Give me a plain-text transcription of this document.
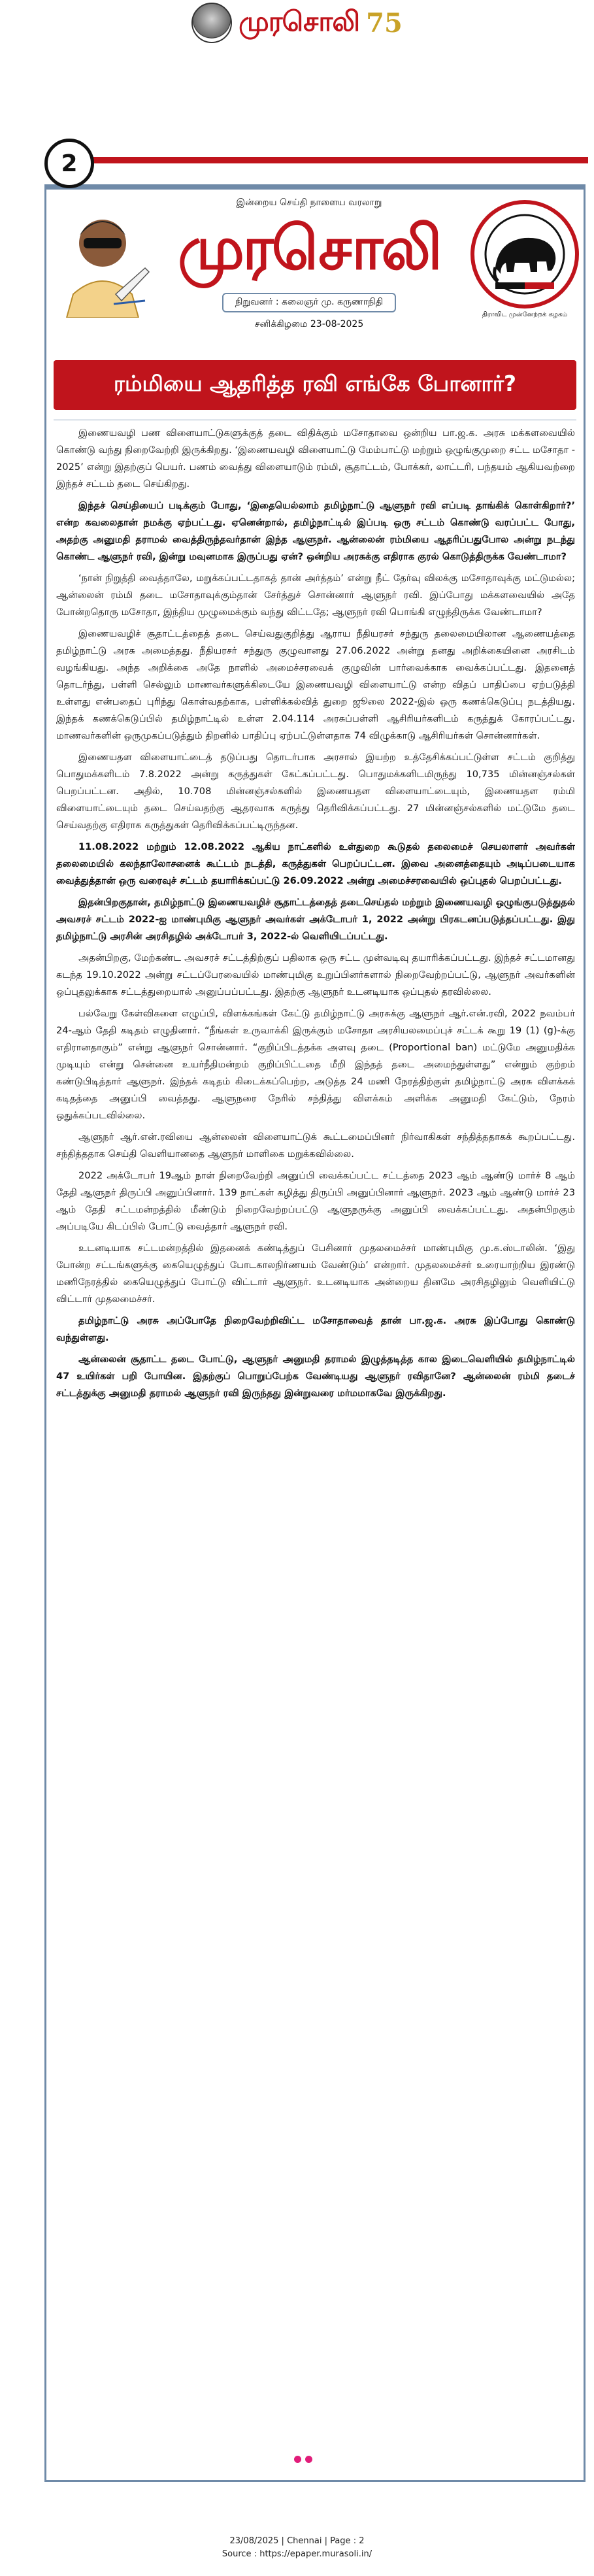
முரசொலி 75
2
இன்றைய செய்தி நாளைய வரலாறு
முரசொலி
நிறுவனர் : கலைஞர் மு. கருணாநிதி
சனிக்கிழமை 23-08-2025
திராவிட முன்னேற்றக் கழகம்
ரம்மியை ஆதரித்த ரவி எங்கே போனார்?

இணையவழி பண விளையாட்டுகளுக்குத் தடை விதிக்கும் மசோதாவை ஒன்றிய பா.ஜ.க. அரசு மக்களவையில் கொண்டு வந்து நிறைவேற்றி இருக்கிறது. ‘இணையவழி விளையாட்டு மேம்பாட்டு மற்றும் ஒழுங்குமுறை சட்ட மசோதா - 2025’ என்று இதற்குப் பெயர். பணம் வைத்து விளையாடும் ரம்மி, சூதாட்டம், போக்கர், லாட்டரி, பந்தயம் ஆகியவற்றை இந்தச் சட்டம் தடை செய்கிறது.

இந்தச் செய்தியைப் படிக்கும் போது, ‘இதையெல்லாம் தமிழ்நாட்டு ஆளுநர் ரவி எப்படி தாங்கிக் கொள்கிறார்?’ என்ற கவலைதான் நமக்கு ஏற்பட்டது. ஏனென்றால், தமிழ்நாட்டில் இப்படி ஒரு சட்டம் கொண்டு வரப்பட்ட போது, அதற்கு அனுமதி தராமல் வைத்திருந்தவர்தான் இந்த ஆளுநர். ஆன்லைன் ரம்மியை ஆதரிப்பதுபோல அன்று நடந்து கொண்ட ஆளுநர் ரவி, இன்று மவுனமாக இருப்பது ஏன்? ஒன்றிய அரசுக்கு எதிராக குரல் கொடுத்திருக்க வேண்டாமா?

‘நான் நிறுத்தி வைத்தாலே, மறுக்கப்பட்டதாகத் தான் அர்த்தம்’ என்று நீட் தேர்வு விலக்கு மசோதாவுக்கு மட்டுமல்ல; ஆன்லைன் ரம்மி தடை மசோதாவுக்கும்தான் சேர்த்துச் சொன்னார் ஆளுநர் ரவி. இப்போது மக்களவையில் அதே போன்றதொரு மசோதா, இந்திய முழுமைக்கும் வந்து விட்டதே; ஆளுநர் ரவி பொங்கி எழுந்திருக்க வேண்டாமா?

இணையவழிச் சூதாட்டத்தைத் தடை செய்வதுகுறித்து ஆராய நீதியரசர் சந்துரு தலைமையிலான ஆணையத்தை தமிழ்நாட்டு அரசு அமைத்தது. நீதியரசர் சந்துரு குழுவானது 27.06.2022 அன்று தனது அறிக்கையினை அரசிடம் வழங்கியது. அந்த அறிக்கை அதே நாளில் அமைச்சரவைக் குழுவின் பார்வைக்காக வைக்கப்பட்டது. இதனைத் தொடர்ந்து, பள்ளி செல்லும் மாணவர்களுக்கிடையே இணையவழி விளையாட்டு என்ற விதப் பாதிப்பை ஏற்படுத்தி உள்ளது என்பதைப் புரிந்து கொள்வதற்காக, பள்ளிக்கல்வித் துறை ஜூலை 2022-இல் ஒரு கணக்கெடுப்பு நடத்தியது. இந்தக் கணக்கெடுப்பில் தமிழ்நாட்டில் உள்ள 2.04.114 அரசுப்பள்ளி ஆசிரியர்களிடம் கருத்துக் கோரப்பட்டது. மாணவர்களின் ஒருமுகப்படுத்தும் திறனில் பாதிப்பு ஏற்பட்டுள்ளதாக 74 விழுக்காடு ஆசிரியர்கள் சொன்னார்கள்.

இணையதள விளையாட்டைத் தடுப்பது தொடர்பாக அரசால் இயற்ற உத்தேசிக்கப்பட்டுள்ள சட்டம் குறித்து பொதுமக்களிடம் 7.8.2022 அன்று கருத்துகள் கேட்கப்பட்டது. பொதுமக்களிடமிருந்து 10,735 மின்னஞ்சல்கள் பெறப்பட்டன. அதில், 10.708 மின்னஞ்சல்களில் இணையதள விளையாட்டையும், இணையதள ரம்மி விளையாட்டையும் தடை செய்வதற்கு ஆதரவாக கருத்து தெரிவிக்கப்பட்டது. 27 மின்னஞ்சல்களில் மட்டுமே தடை செய்வதற்கு எதிராக கருத்துகள் தெரிவிக்கப்பட்டிருந்தன.

11.08.2022 மற்றும் 12.08.2022 ஆகிய நாட்களில் உள்துறை கூடுதல் தலைமைச் செயலாளர் அவர்கள் தலைமையில் கலந்தாலோசனைக் கூட்டம் நடத்தி, கருத்துகள் பெறப்பட்டன. இவை அனைத்தையும் அடிப்படையாக வைத்துத்தான் ஒரு வரைவுச் சட்டம் தயாரிக்கப்பட்டு 26.09.2022 அன்று அமைச்சரவையில் ஒப்புதல் பெறப்பட்டது.

இதன்பிறகுதான், தமிழ்நாட்டு இணையவழிச் சூதாட்டத்தைத் தடைசெய்தல் மற்றும் இணையவழி ஒழுங்குபடுத்துதல் அவசரச் சட்டம் 2022-ஐ மாண்புமிகு ஆளுநர் அவர்கள் அக்டோபர் 1, 2022 அன்று பிரகடனப்படுத்தப்பட்டது. இது தமிழ்நாட்டு அரசின் அரசிதழில் அக்டோபர் 3, 2022-ல் வெளியிடப்பட்டது.

அதன்பிறகு, மேற்கண்ட அவசரச் சட்டத்திற்குப் பதிலாக ஒரு சட்ட முன்வடிவு தயாரிக்கப்பட்டது. இந்தச் சட்டமானது கடந்த 19.10.2022 அன்று சட்டப்பேரவையில் மாண்புமிகு உறுப்பினர்களால் நிறைவேற்றப்பட்டு, ஆளுநர் அவர்களின் ஒப்புதலுக்காக சட்டத்துறையால் அனுப்பப்பட்டது. இதற்கு ஆளுநர் உடனடியாக ஒப்புதல் தரவில்லை.

பல்வேறு கேள்விகளை எழுப்பி, விளக்கங்கள் கேட்டு தமிழ்நாட்டு அரசுக்கு ஆளுநர் ஆர்.என்.ரவி, 2022 நவம்பர் 24-ஆம் தேதி கடிதம் எழுதினார். “நீங்கள் உருவாக்கி இருக்கும் மசோதா அரசியலமைப்புச் சட்டக் கூறு 19 (1) (g)-க்கு எதிரானதாகும்” என்று ஆளுநர் சொன்னார். “குறிப்பிடத்தக்க அளவு தடை (Proportional ban) மட்டுமே அனுமதிக்க முடியும் என்று சென்னை உயர்நீதிமன்றம் குறிப்பிட்டதை மீறி இந்தத் தடை அமைந்துள்ளது” என்றும் குற்றம் கண்டுபிடித்தார் ஆளுநர். இந்தக் கடிதம் கிடைக்கப்பெற்ற, அடுத்த 24 மணி நேரத்திற்குள் தமிழ்நாட்டு அரசு விளக்கக் கடிதத்தை அனுப்பி வைத்தது. ஆளுநரை நேரில் சந்தித்து விளக்கம் அளிக்க அனுமதி கேட்டும், நேரம் ஒதுக்கப்படவில்லை.

ஆளுநர் ஆர்.என்.ரவியை ஆன்லைன் விளையாட்டுக் கூட்டமைப்பினர் நிர்வாகிகள் சந்தித்ததாகக் கூறப்பட்டது. சந்தித்ததாக செய்தி வெளியானதை ஆளுநர் மாளிகை மறுக்கவில்லை.

2022 அக்டோபர் 19ஆம் நாள் நிறைவேற்றி அனுப்பி வைக்கப்பட்ட சட்டத்தை 2023 ஆம் ஆண்டு மார்ச் 8 ஆம் தேதி ஆளுநர் திருப்பி அனுப்பினார். 139 நாட்கள் கழித்து திருப்பி அனுப்பினார் ஆளுநர். 2023 ஆம் ஆண்டு மார்ச் 23 ஆம் தேதி சட்டமன்றத்தில் மீண்டும் நிறைவேற்றப்பட்டு ஆளுநருக்கு அனுப்பி வைக்கப்பட்டது. அதன்பிறகும் அப்படியே கிடப்பில் போட்டு வைத்தார் ஆளுநர் ரவி.

உடனடியாக சட்டமன்றத்தில் இதனைக் கண்டித்துப் பேசினார் முதலமைச்சர் மாண்புமிகு மு.க.ஸ்டாலின். ‘இது போன்ற சட்டங்களுக்கு கையெழுத்துப் போடகாலநிர்ணயம் வேண்டும்’ என்றார். முதலமைச்சர் உரையாற்றிய இரண்டு மணிநேரத்தில் கையெழுத்துப் போட்டு விட்டார் ஆளுநர். உடனடியாக அன்றைய தினமே அரசிதழிலும் வெளியிட்டு விட்டார் முதலமைச்சர்.

தமிழ்நாட்டு அரசு அப்போதே நிறைவேற்றிவிட்ட மசோதாவைத் தான் பா.ஜ.க. அரசு இப்போது கொண்டு வந்துள்ளது.

ஆன்லைன் சூதாட்ட தடை போட்டு, ஆளுநர் அனுமதி தராமல் இழுத்தடித்த கால இடைவெளியில் தமிழ்நாட்டில் 47 உயிர்கள் பறி போயின. இதற்குப் பொறுப்பேற்க வேண்டியது ஆளுநர் ரவிதானே? ஆன்லைன் ரம்மி தடைச் சட்டத்துக்கு அனுமதி தராமல் ஆளுநர் ரவி இருந்தது இன்றுவரை மர்மமாகவே இருக்கிறது.

23/08/2025 | Chennai | Page : 2
Source : https://epaper.murasoli.in/
